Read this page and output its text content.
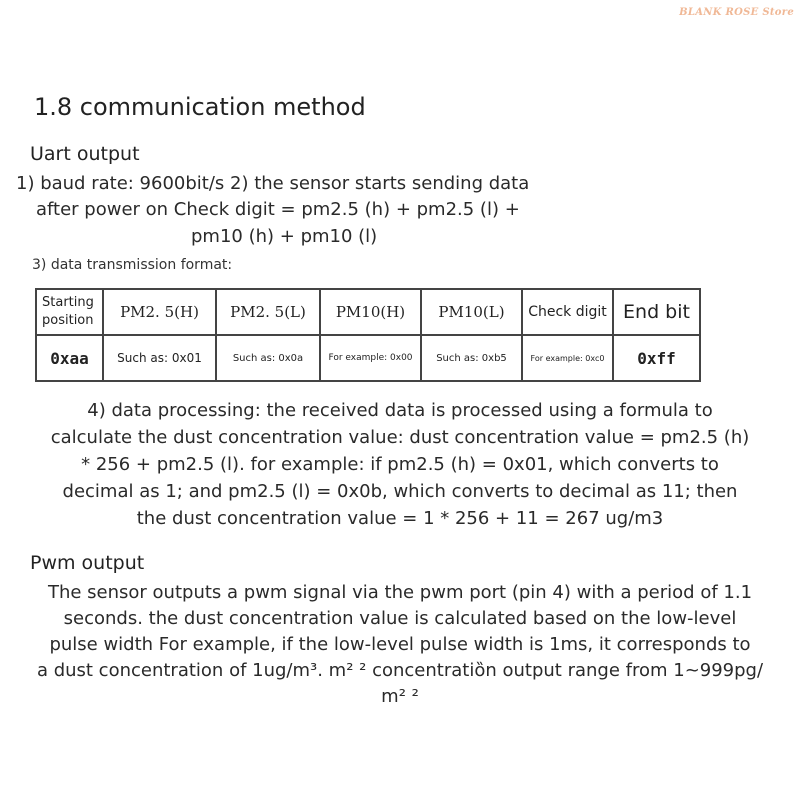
BLANK ROSE Store
1.8 communication method
Uart output
1) baud rate: 9600bit/s 2) the sensor starts sending data
after power on Check digit = pm2.5 (h) + pm2.5 (l) +
pm10 (h) + pm10 (l)
3) data transmission format:
Starting position	PM2. 5(H)	PM2. 5(L)	PM10(H)	PM10(L)	Check digit	End bit
0xaa	Such as: 0x01	Such as: 0x0a	For example: 0x00	Such as: 0xb5	For example: 0xc0	0xff
4) data processing: the received data is processed using a formula to
calculate the dust concentration value: dust concentration value = pm2.5 (h)
* 256 + pm2.5 (l). for example: if pm2.5 (h) = 0x01, which converts to
decimal as 1; and pm2.5 (l) = 0x0b, which converts to decimal as 11; then
the dust concentration value = 1 * 256 + 11 = 267 ug/m3
Pwm output
The sensor outputs a pwm signal via the pwm port (pin 4) with a period of 1.1
seconds. the dust concentration value is calculated based on the low-level
pulse width For example, if the low-level pulse width is 1ms, it corresponds to
a dust concentration of 1ug/m³. m² ² concentratiȍn output range from 1~999pg/
m² ²
